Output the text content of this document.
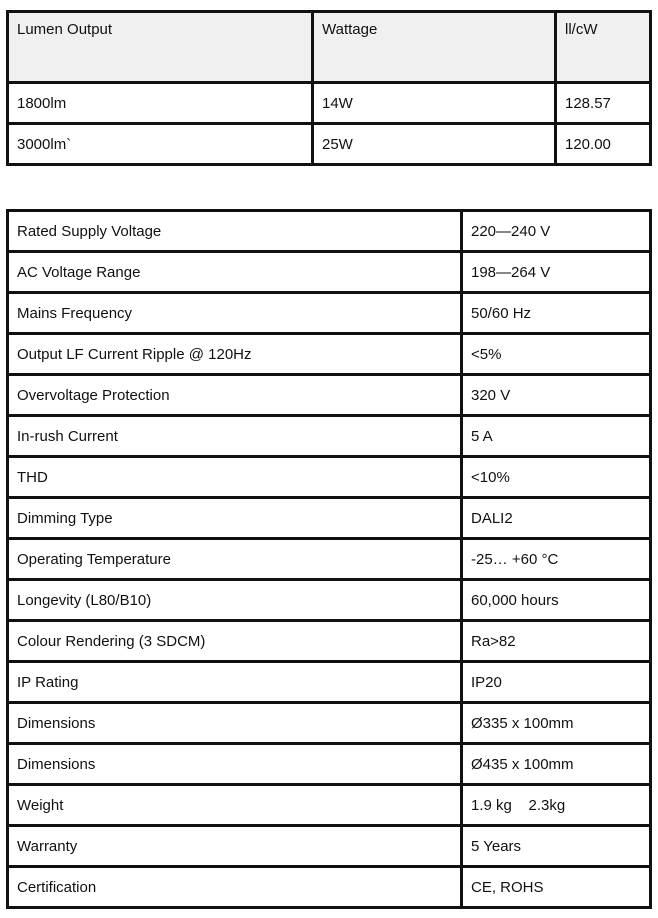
Lumen Output	Wattage	ll/cW
1800lm	14W	128.57
3000lm`	25W	120.00
Rated Supply Voltage	220—240 V
AC Voltage Range	198—264 V
Mains Frequency	50/60 Hz
Output LF Current Ripple @ 120Hz	<5%
Overvoltage Protection	320 V
In-rush Current	5 A
THD	<10%
Dimming Type	DALI2
Operating Temperature	-25… +60 °C
Longevity (L80/B10)	60,000 hours
Colour Rendering (3 SDCM)	Ra>82
IP Rating	IP20
Dimensions	Ø335 x 100mm
Dimensions	Ø435 x 100mm
Weight	1.9 kg    2.3kg
Warranty	5 Years
Certification	CE, ROHS
